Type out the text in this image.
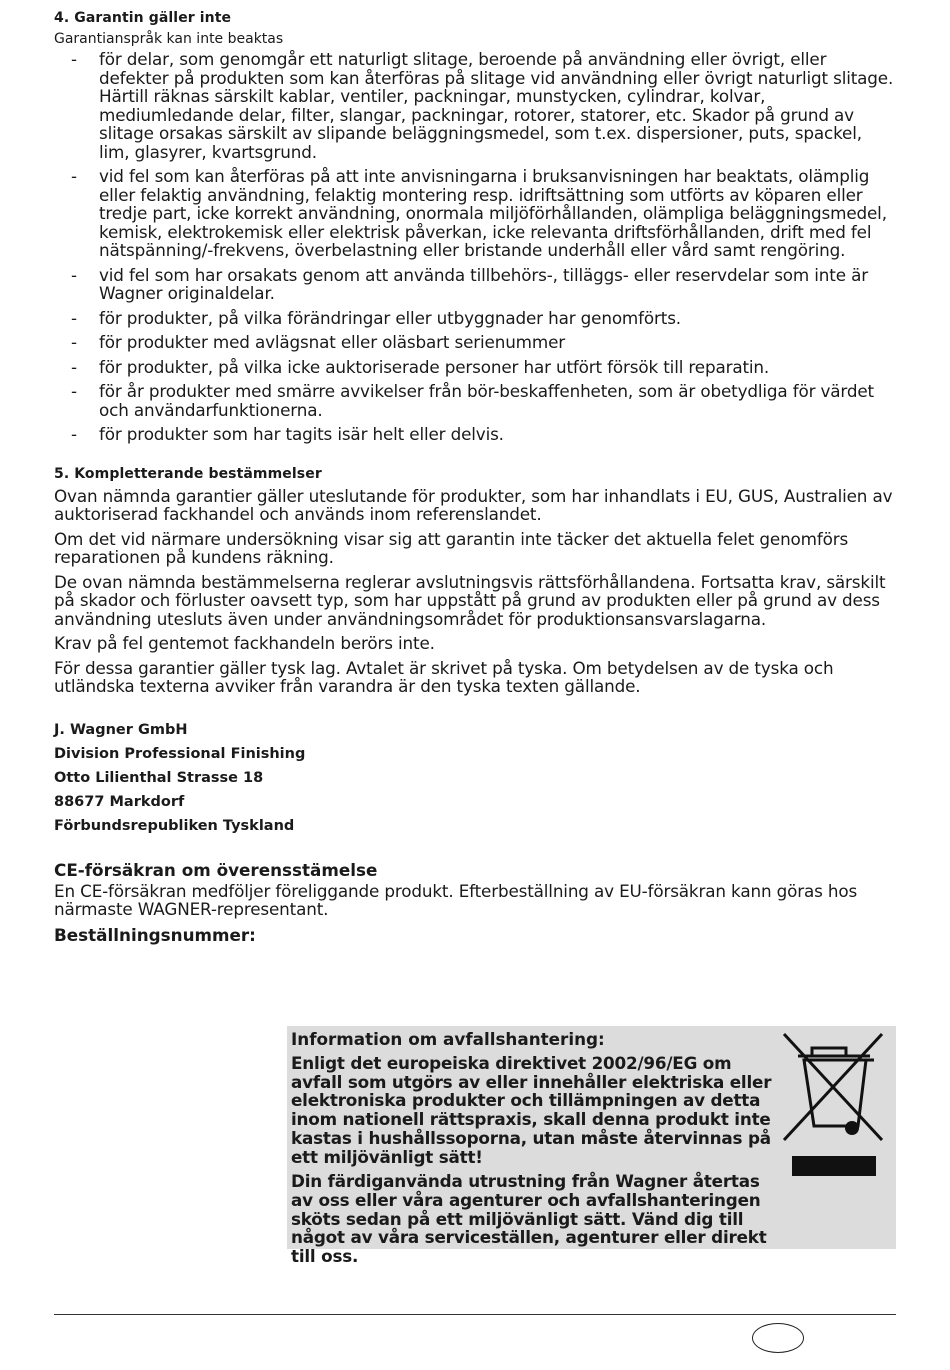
4. Garantin gäller inte

Garantianspråk kan inte beaktas

- för delar, som genomgår ett naturligt slitage, beroende på användning eller övrigt, eller defekter på produkten som kan återföras på slitage vid användning eller övrigt naturligt slitage. Härtill räknas särskilt kablar, ventiler, packningar, munstycken, cylindrar, kolvar, mediumledande delar, filter, slangar, packningar, rotorer, statorer, etc. Skador på grund av slitage orsakas särskilt av slipande beläggningsmedel, som t.ex. dispersioner, puts, spackel, lim, glasyrer, kvartsgrund.
- vid fel som kan återföras på att inte anvisningarna i bruksanvisningen har beaktats, olämplig eller felaktig användning, felaktig montering resp. idriftsättning som utförts av köparen eller tredje part, icke korrekt användning, onormala miljöförhållanden, olämpliga beläggningsmedel, kemisk, elektrokemisk eller elektrisk påverkan, icke relevanta driftsförhållanden, drift med fel nätspänning/-frekvens, överbelastning eller bristande underhåll eller vård samt rengöring.
- vid fel som har orsakats genom att använda tillbehörs-, tilläggs- eller reservdelar som inte är Wagner originaldelar.
- för produkter, på vilka förändringar eller utbyggnader har genomförts.
- för produkter med avlägsnat eller oläsbart serienummer
- för produkter, på vilka icke auktoriserade personer har utfört försök till reparatin.
- för år produkter med smärre avvikelser från bör-beskaffenheten, som är obetydliga för värdet och användarfunktionerna.
- för produkter som har tagits isär helt eller delvis.
5. Kompletterande bestämmelser

Ovan nämnda garantier gäller uteslutande för produkter, som har inhandlats i EU, GUS, Australien av auktoriserad fackhandel och används inom referenslandet.

Om det vid närmare undersökning visar sig att garantin inte täcker det aktuella felet genomförs reparationen på kundens räkning.

De ovan nämnda bestämmelserna reglerar avslutningsvis rättsförhållandena. Fortsatta krav, särskilt på skador och förluster oavsett typ, som har uppstått på grund av produkten eller på grund av dess användning utesluts även under användningsområdet för produktionsansvarslagarna.

Krav på fel gentemot fackhandeln berörs inte.

För dessa garantier gäller tysk lag. Avtalet är skrivet på tyska. Om betydelsen av de tyska och utländska texterna avviker från varandra är den tyska texten gällande.

J. Wagner GmbH
Division Professional Finishing
Otto Lilienthal Strasse 18
88677 Markdorf
Förbundsrepubliken Tyskland
CE-försäkran om överensstämelse

En CE-försäkran medföljer föreliggande produkt. Efterbeställning av EU-försäkran kann göras hos närmaste WAGNER-representant.

Beställningsnummer:

Information om avfallshantering:

Enligt det europeiska direktivet 2002/96/EG om avfall som utgörs av eller innehåller elektriska eller elektroniska produkter och tillämpningen av detta inom nationell rättspraxis, skall denna produkt inte kastas i hushållssoporna, utan måste återvinnas på ett miljövänligt sätt!

Din färdiganvända utrustning från Wagner återtas av oss eller våra agenturer och avfallshanteringen sköts sedan på ett miljövänligt sätt. Vänd dig till något av våra serviceställen, agenturer eller direkt till oss.
